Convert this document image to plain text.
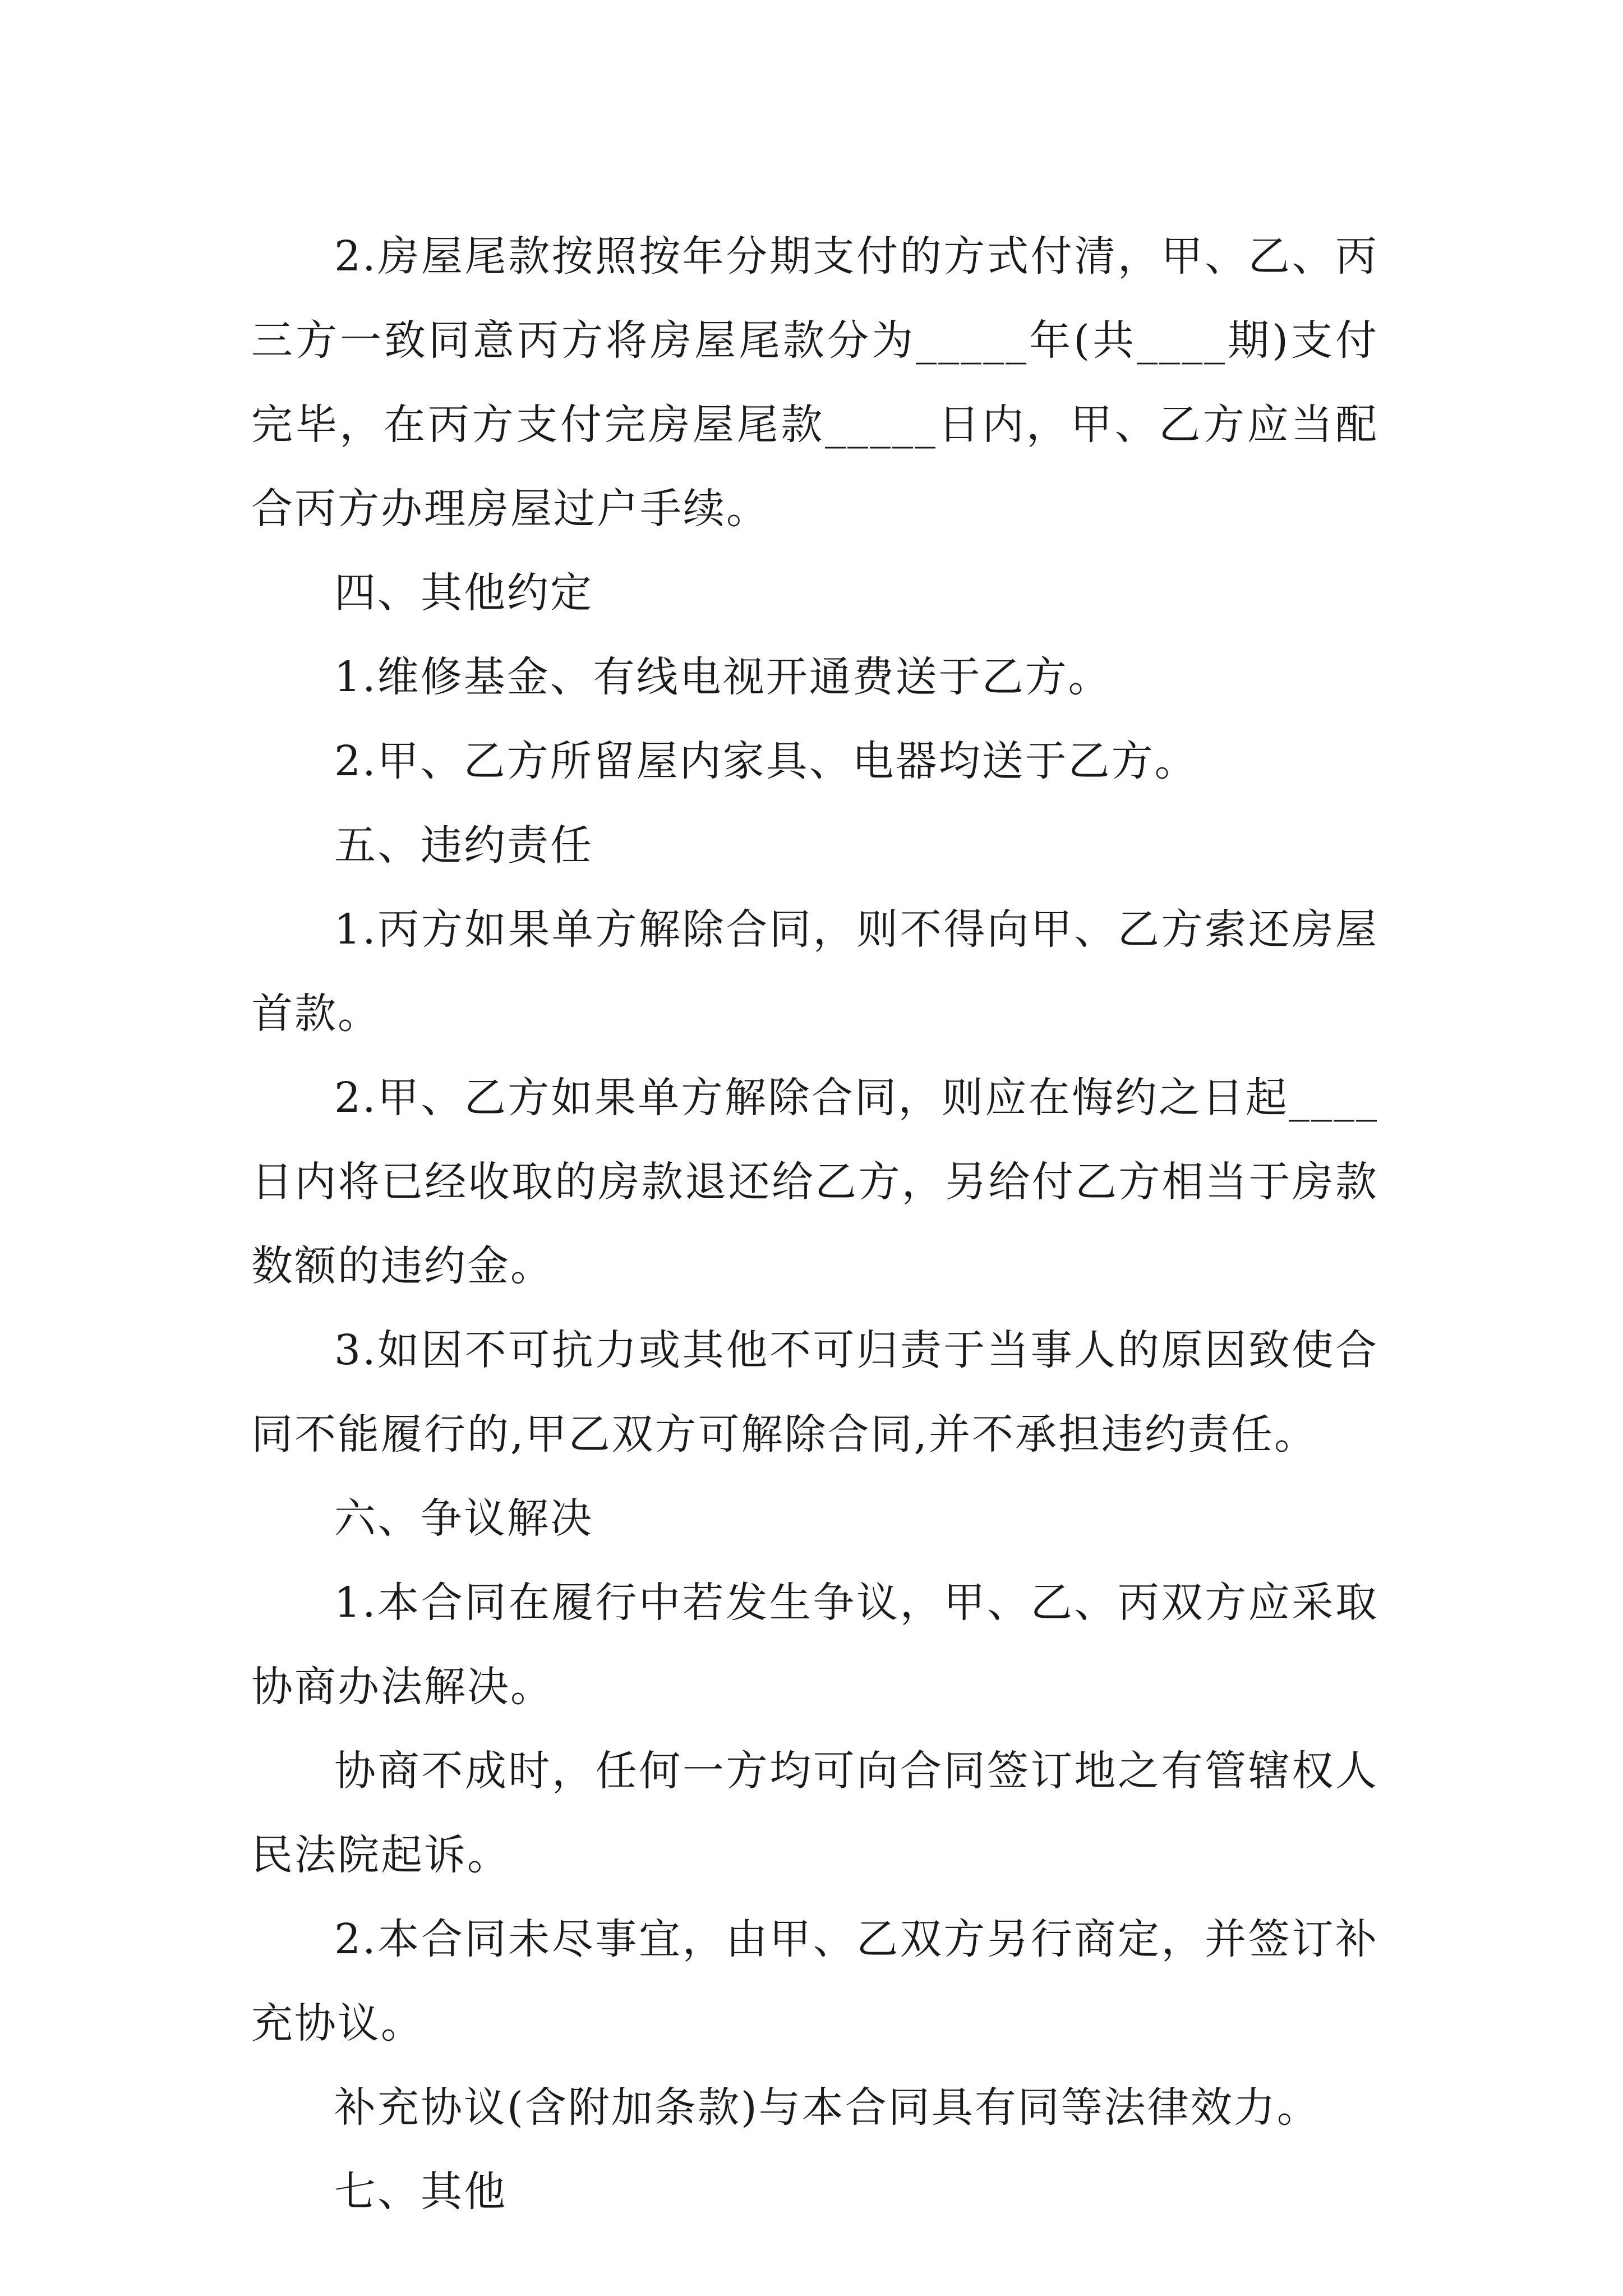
2.房屋尾款按照按年分期支付的方式付清，甲、乙、丙三方一致同意丙方将房屋尾款分为_____年(共____期)支付完毕，在丙方支付完房屋尾款_____日内，甲、乙方应当配合丙方办理房屋过户手续。

四、其他约定

1.维修基金、有线电视开通费送于乙方。

2.甲、乙方所留屋内家具、电器均送于乙方。

五、违约责任

1.丙方如果单方解除合同，则不得向甲、乙方索还房屋首款。

2.甲、乙方如果单方解除合同，则应在悔约之日起____日内将已经收取的房款退还给乙方，另给付乙方相当于房款数额的违约金。

3.如因不可抗力或其他不可归责于当事人的原因致使合同不能履行的,甲乙双方可解除合同,并不承担违约责任。

六、争议解决

1.本合同在履行中若发生争议，甲、乙、丙双方应采取协商办法解决。

协商不成时，任何一方均可向合同签订地之有管辖权人民法院起诉。

2.本合同未尽事宜，由甲、乙双方另行商定，并签订补充协议。

补充协议(含附加条款)与本合同具有同等法律效力。

七、其他
